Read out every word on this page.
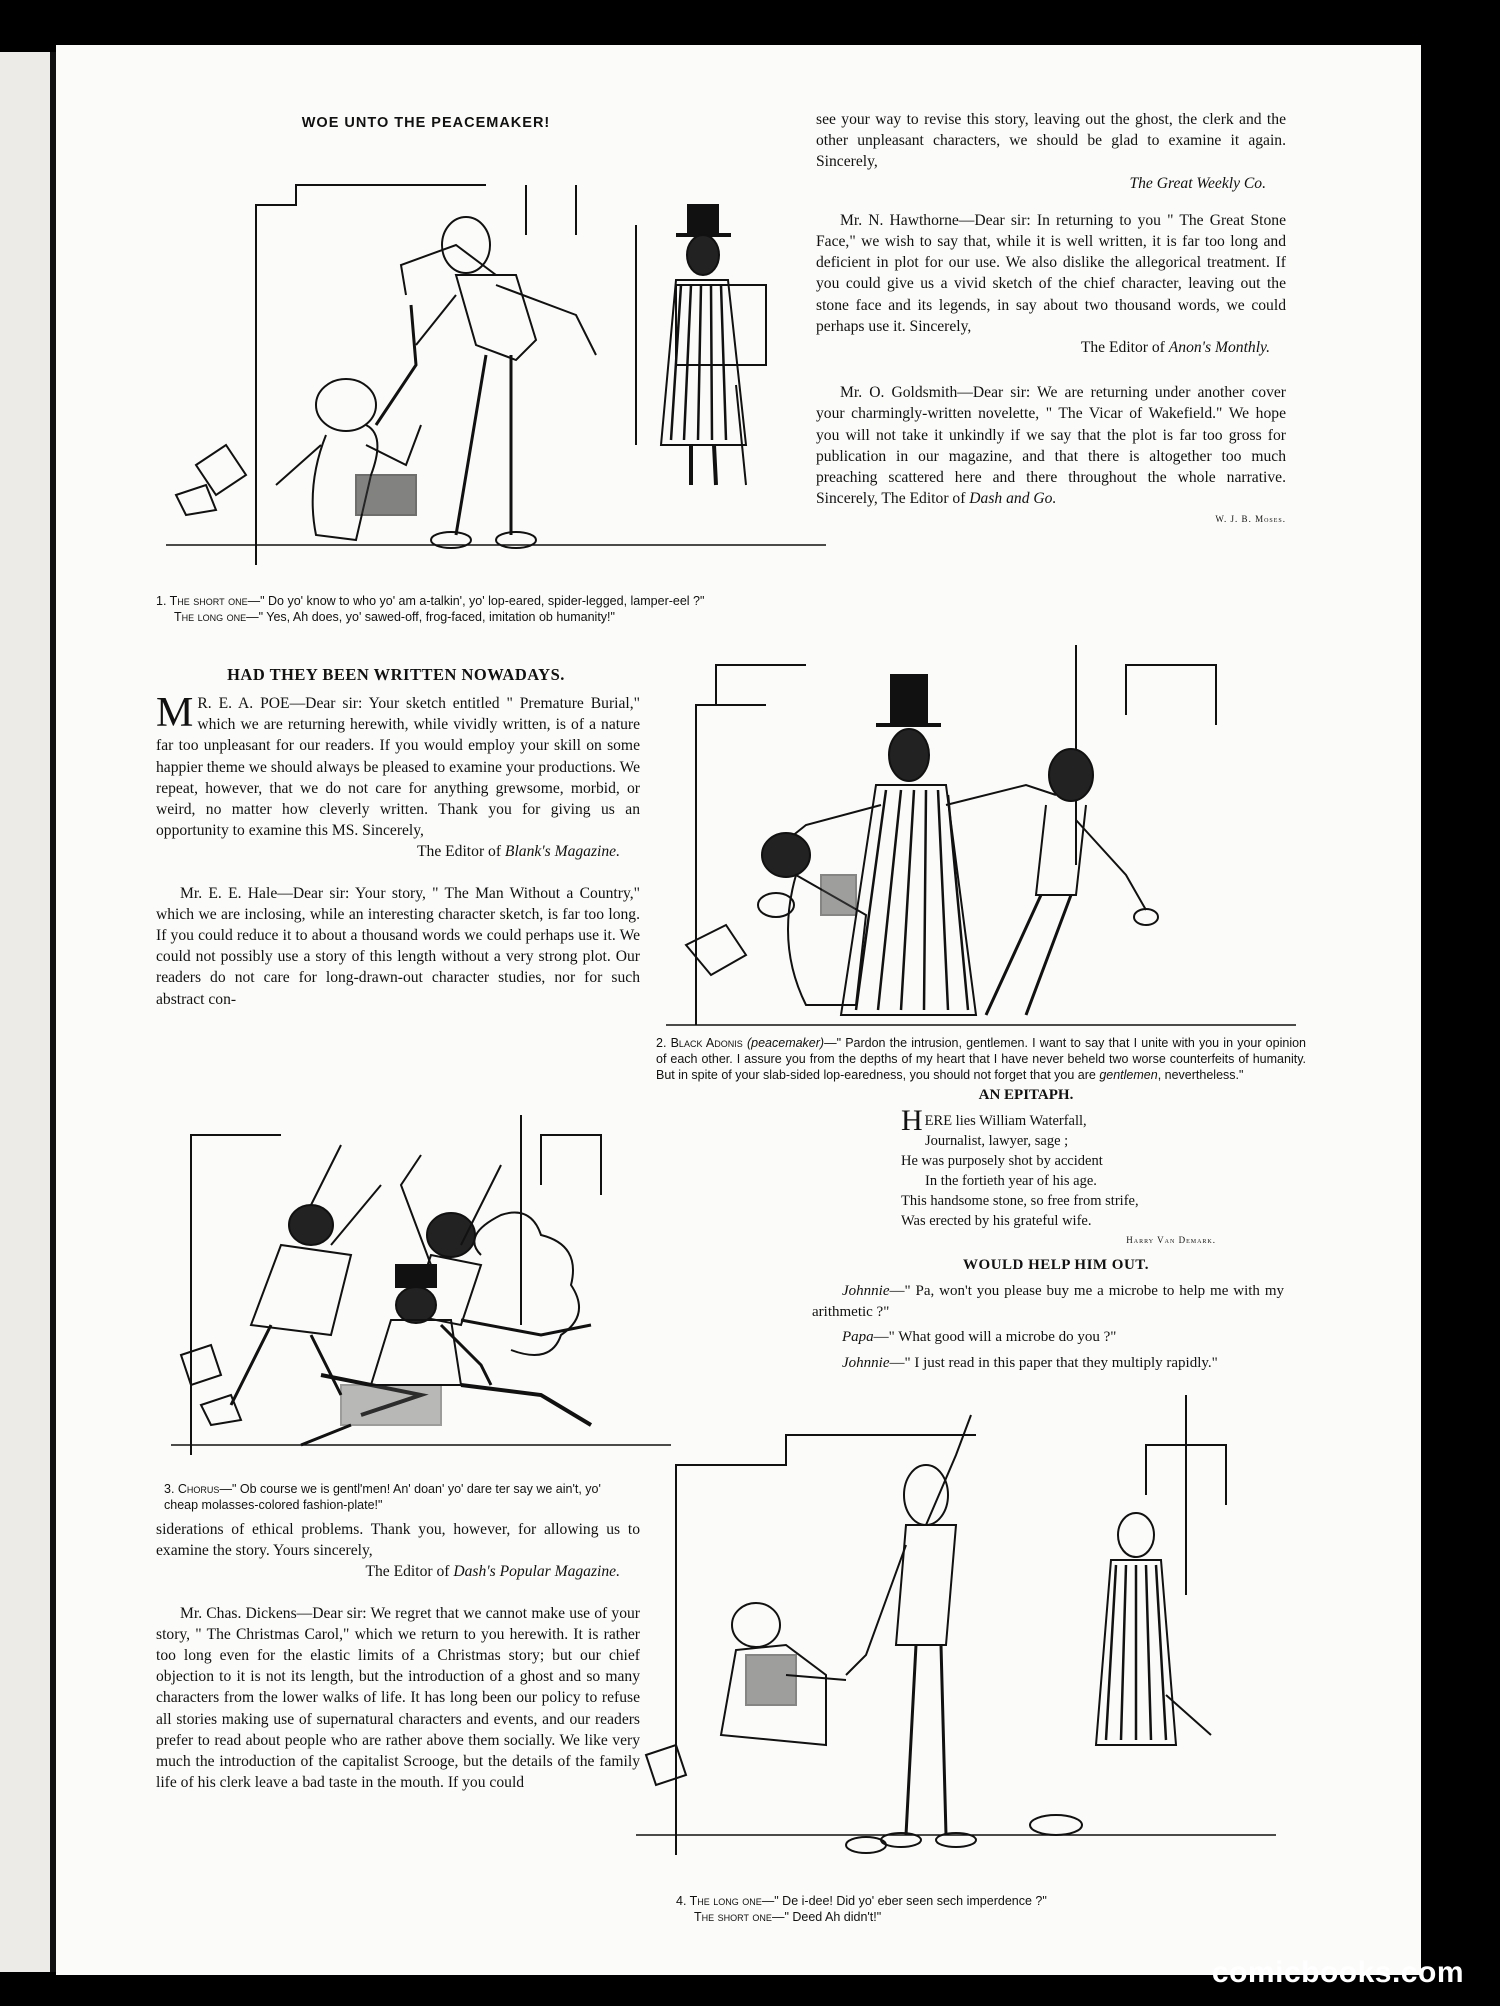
WOE UNTO THE PEACEMAKER!
1. The short one—" Do yo' know to who yo' am a-talkin', yo' lop-eared, spider-legged, lamper-eel ?"
The long one—" Yes, Ah does, yo' sawed-off, frog-faced, imitation ob humanity!"

see your way to revise this story, leaving out the ghost, the clerk and the other unpleasant characters, we should be glad to examine it again. Sincerely,

The Great Weekly Co.

Mr. N. Hawthorne—Dear sir: In returning to you " The Great Stone Face," we wish to say that, while it is well written, it is far too long and deficient in plot for our use. We also dislike the allegorical treatment. If you could give us a vivid sketch of the chief character, leaving out the stone face and its legends, in say about two thousand words, we could perhaps use it. Sincerely,

The Editor of Anon's Monthly.

Mr. O. Goldsmith—Dear sir: We are returning under another cover your charmingly-written novelette, " The Vicar of Wakefield." We hope you will not take it unkindly if we say that the plot is far too gross for publication in our magazine, and that there is altogether too much preaching scattered here and there throughout the whole narrative. Sincerely, The Editor of Dash and Go.

W. J. B. Moses.
HAD THEY BEEN WRITTEN NOWADAYS.

M R. E. A. POE—Dear sir: Your sketch entitled " Premature Burial," which we are returning herewith, while vividly written, is of a nature far too unpleasant for our readers. If you would employ your skill on some happier theme we should always be pleased to examine your productions. We repeat, however, that we do not care for anything grewsome, morbid, or weird, no matter how cleverly written. Thank you for giving us an opportunity to examine this MS. Sincerely,

The Editor of Blank's Magazine.

Mr. E. E. Hale—Dear sir: Your story, " The Man Without a Country," which we are inclosing, while an interesting character sketch, is far too long. If you could reduce it to about a thousand words we could perhaps use it. We could not possibly use a story of this length without a very strong plot. Our readers do not care for long-drawn-out character studies, nor for such abstract con-

2. Black Adonis (peacemaker)—" Pardon the intrusion, gentlemen. I want to say that I unite with you in your opinion of each other. I assure you from the depths of my heart that I have never beheld two worse counterfeits of humanity. But in spite of your slab-sided lop-earedness, you should not forget that you are gentlemen, nevertheless."
3. Chorus—" Ob course we is gentl'men! An' doan' yo' dare ter say we ain't, yo' cheap molasses-colored fashion-plate!"
AN EPITAPH.
HERE lies William Waterfall,
Journalist, lawyer, sage ;
He was purposely shot by accident
In the fortieth year of his age.
This handsome stone, so free from strife,
Was erected by his grateful wife.
Harry Van Demark.
WOULD HELP HIM OUT.

Johnnie—" Pa, won't you please buy me a microbe to help me with my arithmetic ?"

Papa—" What good will a microbe do you ?"

Johnnie—" I just read in this paper that they multiply rapidly."

siderations of ethical problems. Thank you, however, for allowing us to examine the story. Yours sincerely,

The Editor of Dash's Popular Magazine.

Mr. Chas. Dickens—Dear sir: We regret that we cannot make use of your story, " The Christmas Carol," which we return to you herewith. It is rather too long even for the elastic limits of a Christmas story; but our chief objection to it is not its length, but the introduction of a ghost and so many characters from the lower walks of life. It has long been our policy to refuse all stories making use of supernatural characters and events, and our readers prefer to read about people who are rather above them socially. We like very much the introduction of the capitalist Scrooge, but the details of the family life of his clerk leave a bad taste in the mouth. If you could

4. The long one—" De i-dee! Did yo' eber seen sech imperdence ?"
The short one—" Deed Ah didn't!"
comicbooks.com
